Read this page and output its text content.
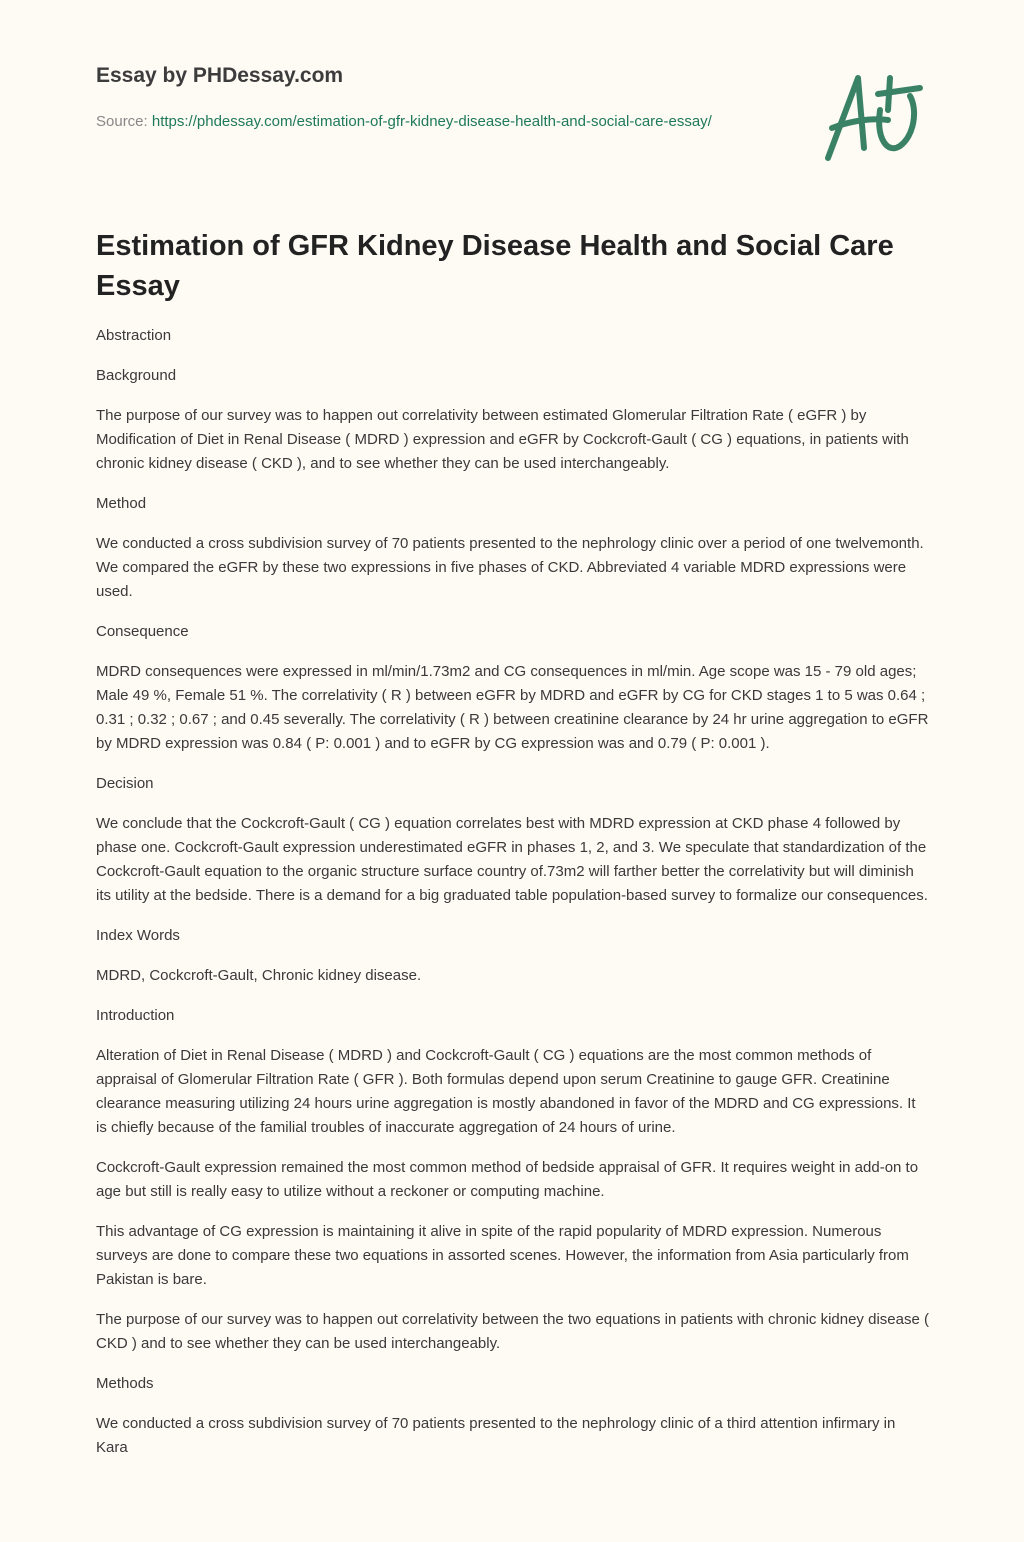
Essay by PHDessay.com
Source: https://phdessay.com/estimation-of-gfr-kidney-disease-health-and-social-care-essay/
Estimation of GFR Kidney Disease Health and Social Care Essay

Abstraction

Background

The purpose of our survey was to happen out correlativity between estimated Glomerular Filtration Rate ( eGFR ) by Modification of Diet in Renal Disease ( MDRD ) expression and eGFR by Cockcroft-Gault ( CG ) equations, in patients with chronic kidney disease ( CKD ), and to see whether they can be used interchangeably.

Method

We conducted a cross subdivision survey of 70 patients presented to the nephrology clinic over a period of one twelvemonth. We compared the eGFR by these two expressions in five phases of CKD. Abbreviated 4 variable MDRD expressions were used.

Consequence

MDRD consequences were expressed in ml/min/1.73m2 and CG consequences in ml/min. Age scope was 15 - 79 old ages; Male 49 %, Female 51 %. The correlativity ( R ) between eGFR by MDRD and eGFR by CG for CKD stages 1 to 5 was 0.64 ; 0.31 ; 0.32 ; 0.67 ; and 0.45 severally. The correlativity ( R ) between creatinine clearance by 24 hr urine aggregation to eGFR by MDRD expression was 0.84 ( P: 0.001 ) and to eGFR by CG expression was and 0.79 ( P: 0.001 ).

Decision

We conclude that the Cockcroft-Gault ( CG ) equation correlates best with MDRD expression at CKD phase 4 followed by phase one. Cockcroft-Gault expression underestimated eGFR in phases 1, 2, and 3. We speculate that standardization of the Cockcroft-Gault equation to the organic structure surface country of.73m2 will farther better the correlativity but will diminish its utility at the bedside. There is a demand for a big graduated table population-based survey to formalize our consequences.

Index Words

MDRD, Cockcroft-Gault, Chronic kidney disease.

Introduction

Alteration of Diet in Renal Disease ( MDRD ) and Cockcroft-Gault ( CG ) equations are the most common methods of appraisal of Glomerular Filtration Rate ( GFR ). Both formulas depend upon serum Creatinine to gauge GFR. Creatinine clearance measuring utilizing 24 hours urine aggregation is mostly abandoned in favor of the MDRD and CG expressions. It is chiefly because of the familial troubles of inaccurate aggregation of 24 hours of urine.

Cockcroft-Gault expression remained the most common method of bedside appraisal of GFR. It requires weight in add-on to age but still is really easy to utilize without a reckoner or computing machine.

This advantage of CG expression is maintaining it alive in spite of the rapid popularity of MDRD expression. Numerous surveys are done to compare these two equations in assorted scenes. However, the information from Asia particularly from Pakistan is bare.

The purpose of our survey was to happen out correlativity between the two equations in patients with chronic kidney disease ( CKD ) and to see whether they can be used interchangeably.

Methods

We conducted a cross subdivision survey of 70 patients presented to the nephrology clinic of a third attention infirmary in Kara
